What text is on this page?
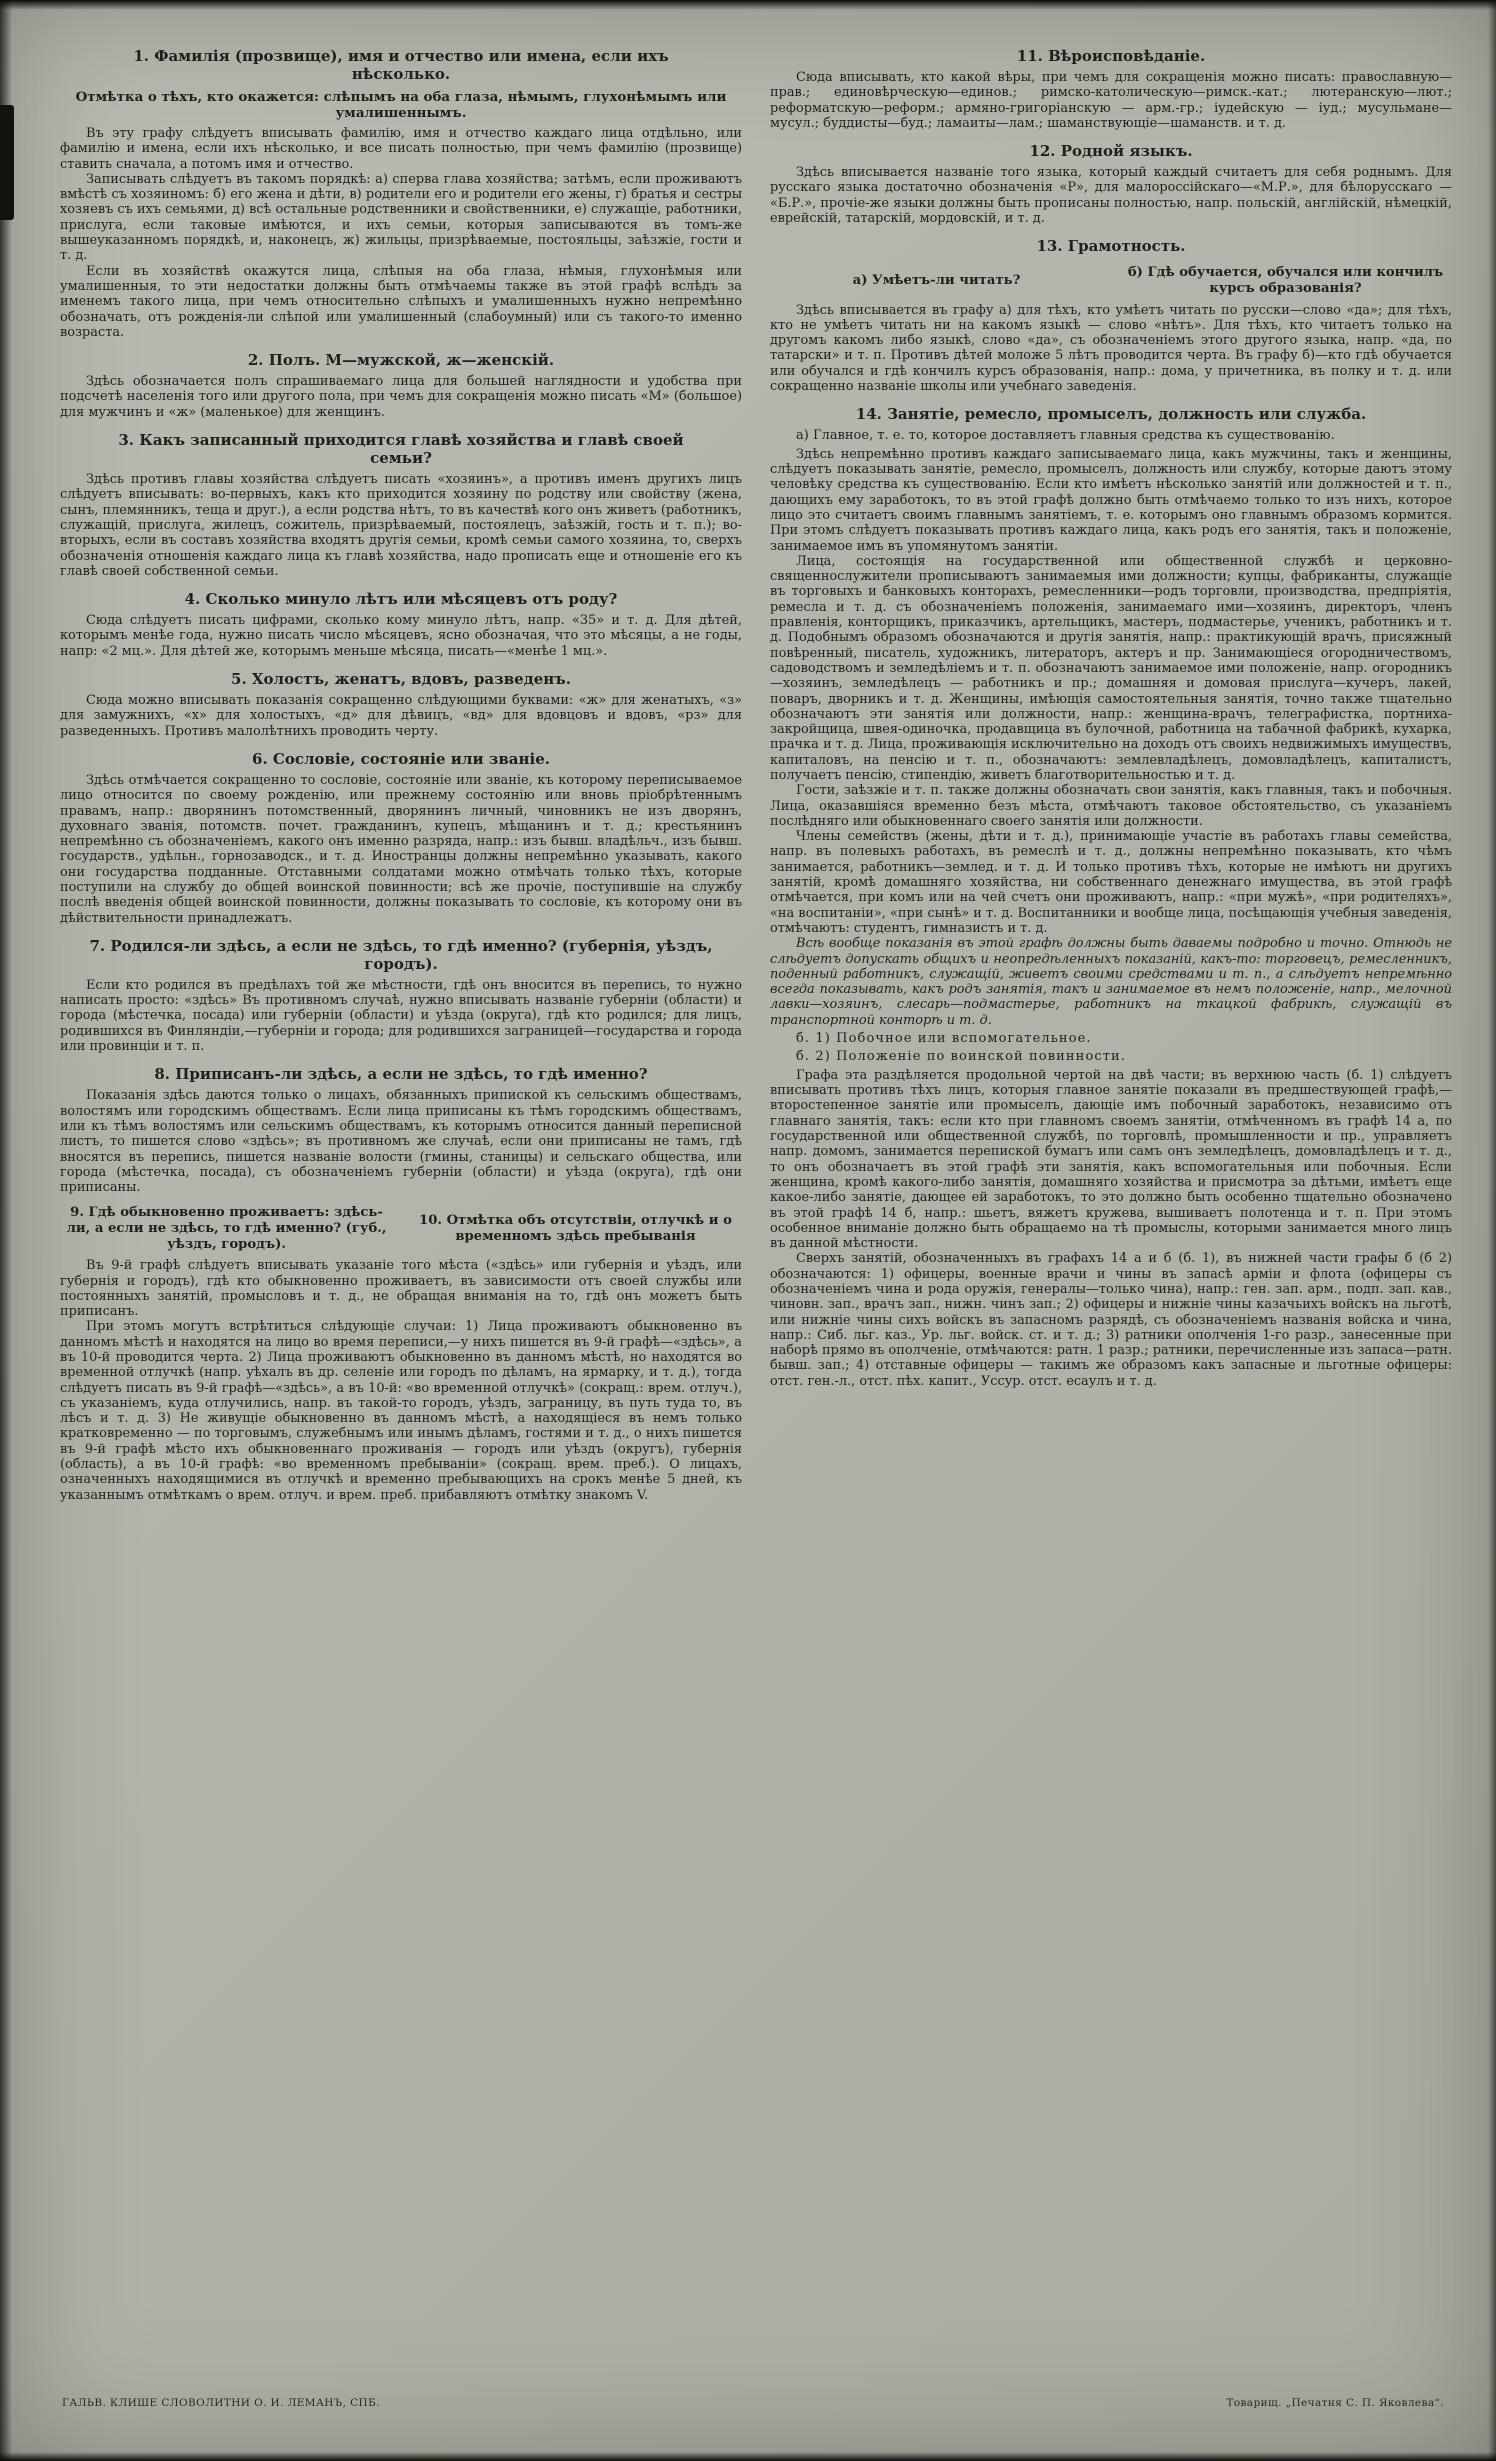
1. Фамилія (прозвище), имя и отчество или имена, если ихъ нѣсколько.

Отмѣтка о тѣхъ, кто окажется: слѣпымъ на оба глаза, нѣмымъ, глухонѣмымъ или умалишеннымъ.

Въ эту графу слѣдуетъ вписывать фамилію, имя и отчество каждаго лица отдѣльно, или фамилію и имена, если ихъ нѣсколько, и все писать полностью, при чемъ фамилію (прозвище) ставить сначала, а потомъ имя и отчество.

Записывать слѣдуетъ въ такомъ порядкѣ: а) сперва глава хозяйства; затѣмъ, если проживаютъ вмѣстѣ съ хозяиномъ: б) его жена и дѣти, в) родители его и родители его жены, г) братья и сестры хозяевъ съ ихъ семьями, д) всѣ остальные родственники и свойственники, е) служащіе, работники, прислуга, если таковые имѣются, и ихъ семьи, которыя записываются въ томъ-же вышеуказанномъ порядкѣ, и, наконецъ, ж) жильцы, призрѣваемые, постояльцы, заѣзжіе, гости и т. д.

Если въ хозяйствѣ окажутся лица, слѣпыя на оба глаза, нѣмыя, глухонѣмыя или умалишенныя, то эти недостатки должны быть отмѣчаемы также въ этой графѣ вслѣдъ за именемъ такого лица, при чемъ относительно слѣпыхъ и умалишенныхъ нужно непремѣнно обозначать, отъ рожденія-ли слѣпой или умалишенный (слабоумный) или съ такого-то именно возраста.

2. Полъ. М—мужской, ж—женскій.

Здѣсь обозначается полъ спрашиваемаго лица для большей наглядности и удобства при подсчетѣ населенія того или другого пола, при чемъ для сокращенія можно писать «М» (большое) для мужчинъ и «ж» (маленькое) для женщинъ.

3. Какъ записанный приходится главѣ хозяйства и главѣ своей семьи?

Здѣсь противъ главы хозяйства слѣдуетъ писать «хозяинъ», а противъ именъ другихъ лицъ слѣдуетъ вписывать: во-первыхъ, какъ кто приходится хозяину по родству или свойству (жена, сынъ, племянникъ, теща и друг.), а если родства нѣтъ, то въ качествѣ кого онъ живетъ (работникъ, служащій, прислуга, жилецъ, сожитель, призрѣваемый, постоялецъ, заѣзжій, гость и т. п.); во-вторыхъ, если въ составъ хозяйства входятъ другія семьи, кромѣ семьи самого хозяина, то, сверхъ обозначенія отношенія каждаго лица къ главѣ хозяйства, надо прописать еще и отношеніе его къ главѣ своей собственной семьи.

4. Сколько минуло лѣтъ или мѣсяцевъ отъ роду?

Сюда слѣдуетъ писать цифрами, сколько кому минуло лѣтъ, напр. «35» и т. д. Для дѣтей, которымъ менѣе года, нужно писать число мѣсяцевъ, ясно обозначая, что это мѣсяцы, а не годы, напр: «2 мц.». Для дѣтей же, которымъ меньше мѣсяца, писать—«менѣе 1 мц.».

5. Холостъ, женатъ, вдовъ, разведенъ.

Сюда можно вписывать показанія сокращенно слѣдующими буквами: «ж» для женатыхъ, «з» для замужнихъ, «х» для холостыхъ, «д» для дѣвицъ, «вд» для вдовцовъ и вдовъ, «рз» для разведенныхъ. Противъ малолѣтнихъ проводить черту.

6. Сословіе, состояніе или званіе.

Здѣсь отмѣчается сокращенно то сословіе, состояніе или званіе, къ которому переписываемое лицо относится по своему рожденію, или прежнему состоянію или вновь пріобрѣтеннымъ правамъ, напр.: дворянинъ потомственный, дворянинъ личный, чиновникъ не изъ дворянъ, духовнаго званія, потомств. почет. гражданинъ, купецъ, мѣщанинъ и т. д.; крестьянинъ непремѣнно съ обозначеніемъ, какого онъ именно разряда, напр.: изъ бывш. владѣльч., изъ бывш. государств., удѣльн., горнозаводск., и т. д. Иностранцы должны непремѣнно указывать, какого они государства подданные. Отставными солдатами можно отмѣчать только тѣхъ, которые поступили на службу до общей воинской повинности; всѣ же прочіе, поступившіе на службу послѣ введенія общей воинской повинности, должны показывать то сословіе, къ которому они въ дѣйствительности принадлежатъ.

7. Родился-ли здѣсь, а если не здѣсь, то гдѣ именно? (губернія, уѣздъ, городъ).

Если кто родился въ предѣлахъ той же мѣстности, гдѣ онъ вносится въ перепись, то нужно написать просто: «здѣсь» Въ противномъ случаѣ, нужно вписывать названіе губерніи (области) и города (мѣстечка, посада) или губерніи (области) и уѣзда (округа), гдѣ кто родился; для лицъ, родившихся въ Финляндіи,—губерніи и города; для родившихся заграницей—государства и города или провинціи и т. п.

8. Приписанъ-ли здѣсь, а если не здѣсь, то гдѣ именно?

Показанія здѣсь даются только о лицахъ, обязанныхъ припиской къ сельскимъ обществамъ, волостямъ или городскимъ обществамъ. Если лица приписаны къ тѣмъ городскимъ обществамъ, или къ тѣмъ волостямъ или сельскимъ обществамъ, къ которымъ относится данный переписной листъ, то пишется слово «здѣсь»; въ противномъ же случаѣ, если они приписаны не тамъ, гдѣ вносятся въ перепись, пишется названіе волости (гмины, станицы) и сельскаго общества, или города (мѣстечка, посада), съ обозначеніемъ губерніи (области) и уѣзда (округа), гдѣ они приписаны.

9. Гдѣ обыкновенно проживаетъ: здѣсь-ли, а если не здѣсь, то гдѣ именно? (губ., уѣздъ, городъ).
10. Отмѣтка объ отсутствіи, отлучкѣ и о временномъ здѣсь пребыванія

Въ 9-й графѣ слѣдуетъ вписывать указаніе того мѣста («здѣсь» или губернія и уѣздъ, или губернія и городъ), гдѣ кто обыкновенно проживаетъ, въ зависимости отъ своей службы или постоянныхъ занятій, промысловъ и т. д., не обращая вниманія на то, гдѣ онъ можетъ быть приписанъ.

При этомъ могутъ встрѣтиться слѣдующіе случаи: 1) Лица проживаютъ обыкновенно въ данномъ мѣстѣ и находятся на лицо во время переписи,—у нихъ пишется въ 9-й графѣ—«здѣсь», а въ 10-й проводится черта. 2) Лица проживаютъ обыкновенно въ данномъ мѣстѣ, но находятся во временной отлучкѣ (напр. уѣхалъ въ др. селеніе или городъ по дѣламъ, на ярмарку, и т. д.), тогда слѣдуетъ писать въ 9-й графѣ—«здѣсь», а въ 10-й: «во временной отлучкѣ» (сокращ.: врем. отлуч.), съ указаніемъ, куда отлучились, напр. въ такой-то городъ, уѣздъ, заграницу, въ путь туда то, въ лѣсъ и т. д. 3) Не живущіе обыкновенно въ данномъ мѣстѣ, а находящіеся въ немъ только кратковременно — по торговымъ, служебнымъ или инымъ дѣламъ, гостями и т. д., о нихъ пишется въ 9-й графѣ мѣсто ихъ обыкновеннаго проживанія — городъ или уѣздъ (округъ), губернія (область), а въ 10-й графѣ: «во временномъ пребываніи» (сокращ. врем. преб.). О лицахъ, означенныхъ находящимися въ отлучкѣ и временно пребывающихъ на срокъ менѣе 5 дней, къ указаннымъ отмѣткамъ о врем. отлуч. и врем. преб. прибавляютъ отмѣтку знакомъ V.

11. Вѣроисповѣданіе.

Сюда вписывать, кто какой вѣры, при чемъ для сокращенія можно писать: православную—прав.; единовѣрческую—единов.; римско-католическую—римск.-кат.; лютеранскую—лют.; реформатскую—реформ.; армяно-григоріанскую — арм.-гр.; іудейскую — іуд.; мусульмане—мусул.; буддисты—буд.; ламаиты—лам.; шаманствующіе—шаманств. и т. д.

12. Родной языкъ.

Здѣсь вписывается названіе того языка, который каждый считаетъ для себя роднымъ. Для русскаго языка достаточно обозначенія «Р», для малороссійскаго—«М.Р.», для бѣлорусскаго — «Б.Р.», прочіе-же языки должны быть прописаны полностью, напр. польскій, англійскій, нѣмецкій, еврейскій, татарскій, мордовскій, и т. д.

13. Грамотность.

а) Умѣетъ-ли читать?
б) Гдѣ обучается, обучался или кончилъ курсъ образованія?

Здѣсь вписывается въ графу а) для тѣхъ, кто умѣетъ читать по русски—слово «да»; для тѣхъ, кто не умѣетъ читать ни на какомъ языкѣ — слово «нѣтъ». Для тѣхъ, кто читаетъ только на другомъ какомъ либо языкѣ, слово «да», съ обозначеніемъ этого другого языка, напр. «да, по татарски» и т. п. Противъ дѣтей моложе 5 лѣтъ проводится черта. Въ графу б)—кто гдѣ обучается или обучался и гдѣ кончилъ курсъ образованія, напр.: дома, у причетника, въ полку и т. д. или сокращенно названіе школы или учебнаго заведенія.

14. Занятіе, ремесло, промыселъ, должность или служба.

а) Главное, т. е. то, которое доставляетъ главныя средства къ существованію.

Здѣсь непремѣнно противъ каждаго записываемаго лица, какъ мужчины, такъ и женщины, слѣдуетъ показывать занятіе, ремесло, промыселъ, должность или службу, которые даютъ этому человѣку средства къ существованію. Если кто имѣетъ нѣсколько занятій или должностей и т. п., дающихъ ему заработокъ, то въ этой графѣ должно быть отмѣчаемо только то изъ нихъ, которое лицо это считаетъ своимъ главнымъ занятіемъ, т. е. которымъ оно главнымъ образомъ кормится. При этомъ слѣдуетъ показывать противъ каждаго лица, какъ родъ его занятія, такъ и положеніе, занимаемое имъ въ упомянутомъ занятіи.

Лица, состоящія на государственной или общественной службѣ и церковно-священнослужители прописываютъ занимаемыя ими должности; купцы, фабриканты, служащіе въ торговыхъ и банковыхъ конторахъ, ремесленники—родъ торговли, производства, предпріятія, ремесла и т. д. съ обозначеніемъ положенія, занимаемаго ими—хозяинъ, директоръ, членъ правленія, конторщикъ, приказчикъ, артельщикъ, мастеръ, подмастерье, ученикъ, работникъ и т. д. Подобнымъ образомъ обозначаются и другія занятія, напр.: практикующій врачъ, присяжный повѣренный, писатель, художникъ, литераторъ, актеръ и пр. Занимающіеся огородничествомъ, садоводствомъ и земледѣліемъ и т. п. обозначаютъ занимаемое ими положеніе, напр. огородникъ—хозяинъ, земледѣлецъ — работникъ и пр.; домашняя и домовая прислуга—кучеръ, лакей, поваръ, дворникъ и т. д. Женщины, имѣющія самостоятельныя занятія, точно также тщательно обозначаютъ эти занятія или должности, напр.: женщина-врачъ, телеграфистка, портниха-закройщица, швея-одиночка, продавщица въ булочной, работница на табачной фабрикѣ, кухарка, прачка и т. д. Лица, проживающія исключительно на доходъ отъ своихъ недвижимыхъ имуществъ, капиталовъ, на пенсію и т. п., обозначаютъ: землевладѣлецъ, домовладѣлецъ, капиталистъ, получаетъ пенсію, стипендію, живетъ благотворительностью и т. д.

Гости, заѣзжіе и т. п. также должны обозначать свои занятія, какъ главныя, такъ и побочныя. Лица, оказавшіяся временно безъ мѣста, отмѣчаютъ таковое обстоятельство, съ указаніемъ послѣдняго или обыкновеннаго своего занятія или должности.

Члены семействъ (жены, дѣти и т. д.), принимающіе участіе въ работахъ главы семейства, напр. въ полевыхъ работахъ, въ ремеслѣ и т. д., должны непремѣнно показывать, кто чѣмъ занимается, работникъ—землед. и т. д. И только противъ тѣхъ, которые не имѣютъ ни другихъ занятій, кромѣ домашняго хозяйства, ни собственнаго денежнаго имущества, въ этой графѣ отмѣчается, при комъ или на чей счетъ они проживаютъ, напр.: «при мужѣ», «при родителяхъ», «на воспитаніи», «при сынѣ» и т. д. Воспитанники и вообще лица, посѣщающія учебныя заведенія, отмѣчаютъ: студентъ, гимназистъ и т. д.

Всѣ вообще показанія въ этой графѣ должны быть даваемы подробно и точно. Отнюдь не слѣдуетъ допускать общихъ и неопредѣленныхъ показаній, какъ-то: торговецъ, ремесленникъ, поденный работникъ, служащій, живетъ своими средствами и т. п., а слѣдуетъ непремѣнно всегда показывать, какъ родъ занятія, такъ и занимаемое въ немъ положеніе, напр., мелочной лавки—хозяинъ, слесарь—подмастерье, работникъ на ткацкой фабрикѣ, служащій въ транспортной конторѣ и т. д.

б. 1) Побочное или вспомогательное.

б. 2) Положеніе по воинской повинности.

Графа эта раздѣляется продольной чертой на двѣ части; въ верхнюю часть (б. 1) слѣдуетъ вписывать противъ тѣхъ лицъ, которыя главное занятіе показали въ предшествующей графѣ,—второстепенное занятіе или промыселъ, дающіе имъ побочный заработокъ, независимо отъ главнаго занятія, такъ: если кто при главномъ своемъ занятіи, отмѣченномъ въ графѣ 14 а, по государственной или общественной службѣ, по торговлѣ, промышленности и пр., управляетъ напр. домомъ, занимается перепиской бумагъ или самъ онъ земледѣлецъ, домовладѣлецъ и т. д., то онъ обозначаетъ въ этой графѣ эти занятія, какъ вспомогательныя или побочныя. Если женщина, кромѣ какого-либо занятія, домашняго хозяйства и присмотра за дѣтьми, имѣетъ еще какое-либо занятіе, дающее ей заработокъ, то это должно быть особенно тщательно обозначено въ этой графѣ 14 б, напр.: шьетъ, вяжетъ кружева, вышиваетъ полотенца и т. п. При этомъ особенное вниманіе должно быть обращаемо на тѣ промыслы, которыми занимается много лицъ въ данной мѣстности.

Сверхъ занятій, обозначенныхъ въ графахъ 14 а и б (б. 1), въ нижней части графы б (б 2) обозначаются: 1) офицеры, военные врачи и чины въ запасѣ арміи и флота (офицеры съ обозначеніемъ чина и рода оружія, генералы—только чина), напр.: ген. зап. арм., подп. зап. кав., чиновн. зап., врачъ зап., нижн. чинъ зап.; 2) офицеры и нижніе чины казачьихъ войскъ на льготѣ, или нижніе чины сихъ войскъ въ запасномъ разрядѣ, съ обозначеніемъ названія войска и чина, напр.: Сиб. льг. каз., Ур. льг. войск. ст. и т. д.; 3) ратники ополченія 1-го разр., занесенные при наборѣ прямо въ ополченіе, отмѣчаются: ратн. 1 разр.; ратники, перечисленные изъ запаса—ратн. бывш. зап.; 4) отставные офицеры — такимъ же образомъ какъ запасные и льготные офицеры: отст. ген.-л., отст. пѣх. капит., Уссур. отст. есаулъ и т. д.

ГАЛЬВ. КЛИШЕ СЛОВОЛИТНИ О. И. ЛЕМАНЪ, СПБ.	Товарищ. „Печатня С. П. Яковлева“.
